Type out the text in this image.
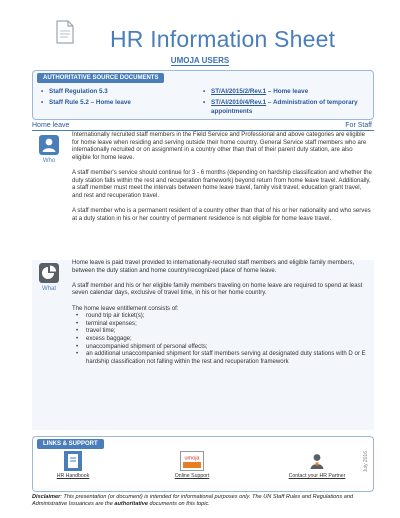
HR Information Sheet
UMOJA USERS
AUTHORITATIVE SOURCE DOCUMENTS
• Staff Regulation 5.3
• Staff Rule 5.2 – Home leave
• ST/AI/2015/2/Rev.1 – Home leave
• ST/AI/2010/4/Rev.1 – Administration of temporary appointments
Home leave	For Staff
Who

Internationally recruited staff members in the Field Service and Professional and above categories are eligible for home leave when residing and serving outside their home country. General Service staff members who are internationally recruited or on assignment in a country other than that of their parent duty station, are also eligible for home leave.

A staff member's service should continue for 3 - 6 months (depending on hardship classification and whether the duty station falls within the rest and recuperation framework) beyond return from home leave travel. Additionally, a staff member must meet the intervals between home leave travel, family visit travel, education grant travel, and rest and recuperation travel.

A staff member who is a permanent resident of a country other than that of his or her nationality and who serves at a duty station in his or her country of permanent residence is not eligible for home leave travel.

What

Home leave is paid travel provided to internationally-recruited staff members and eligible family members, between the duty station and home country/recognized place of home leave.

A staff member and his or her eligible family members traveling on home leave are required to spend at least seven calendar days, exclusive of travel time, in his or her home country.

The home leave entitlement consists of:

• round trip air ticket(s);
• terminal expenses;
• travel time;
• excess baggage;
• unaccompanied shipment of personal effects;
• an additional unaccompanied shipment for staff members serving at designated duty stations with D or E hardship classification not falling within the rest and recuperation framework
LINKS & SUPPORT
HR Handbook
umoja
Online Support	Contact your HR Partner
July 2016
Disclaimer: This presentation (or document) is intended for informational purposes only. The UN Staff Rules and Regulations and Administrative Issuances are the authoritative documents on this topic.
